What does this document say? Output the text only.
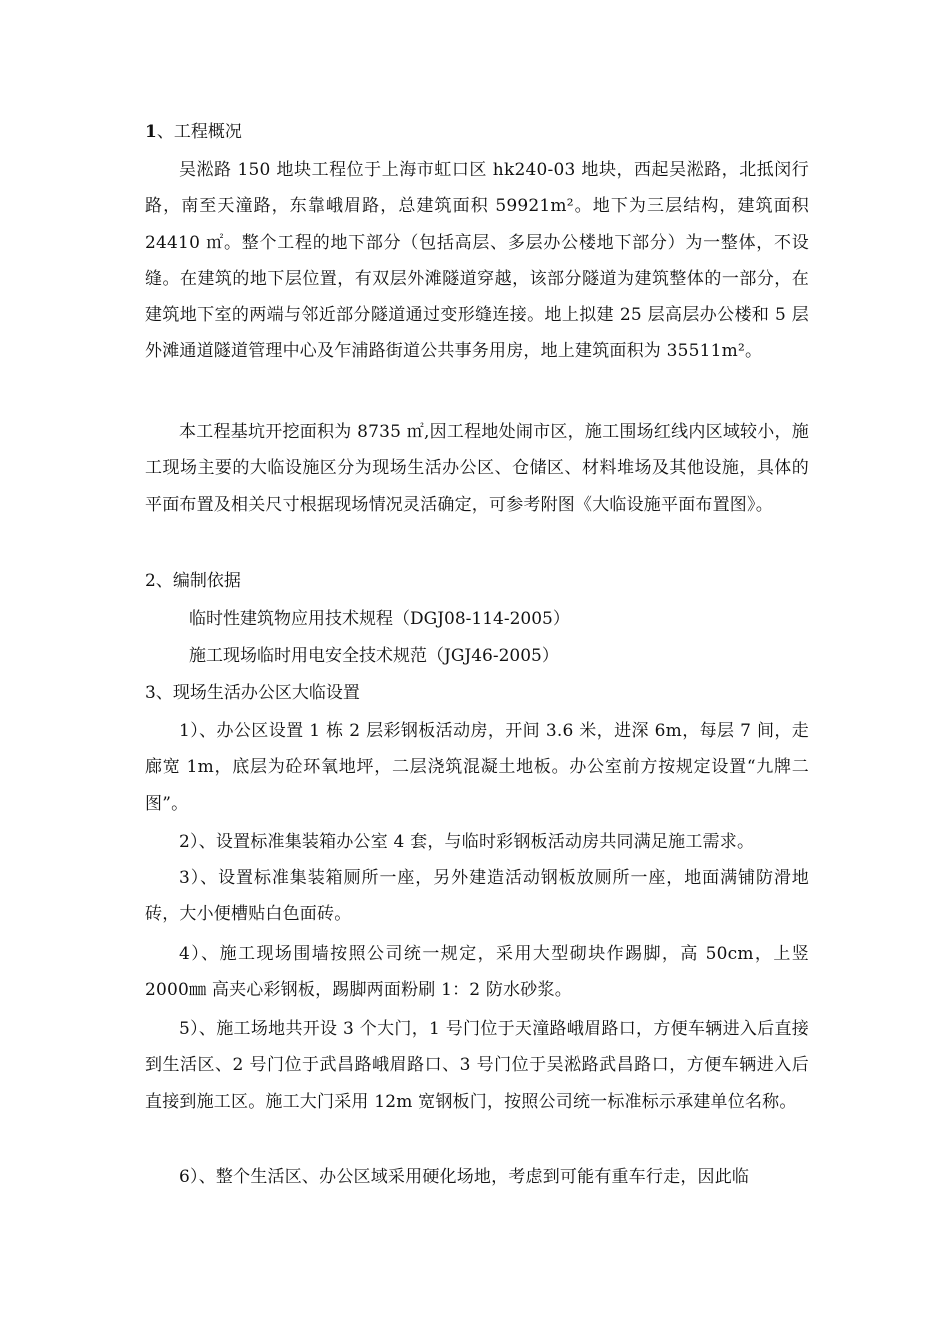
1、工程概况
吴淞路 150 地块工程位于上海市虹口区 hk240-03 地块，西起吴淞路，北抵闵行路，南至天潼路，东靠峨眉路，总建筑面积 59921m²。地下为三层结构，建筑面积 24410 ㎡。整个工程的地下部分（包括高层、多层办公楼地下部分）为一整体，不设缝。在建筑的地下层位置，有双层外滩隧道穿越，该部分隧道为建筑整体的一部分，在建筑地下室的两端与邻近部分隧道通过变形缝连接。地上拟建 25 层高层办公楼和 5 层外滩通道隧道管理中心及乍浦路街道公共事务用房，地上建筑面积为 35511m²。
本工程基坑开挖面积为 8735 ㎡,因工程地处闹市区，施工围场红线内区域较小，施工现场主要的大临设施区分为现场生活办公区、仓储区、材料堆场及其他设施，具体的平面布置及相关尺寸根据现场情况灵活确定，可参考附图《大临设施平面布置图》。
2、编制依据
临时性建筑物应用技术规程（DGJ08-114-2005）
施工现场临时用电安全技术规范（JGJ46-2005）
3、现场生活办公区大临设置
1）、办公区设置 1 栋 2 层彩钢板活动房，开间 3.6 米，进深 6m，每层 7 间，走廊宽 1m，底层为砼环氧地坪，二层浇筑混凝土地板。办公室前方按规定设置“九牌二图”。
2）、设置标准集装箱办公室 4 套，与临时彩钢板活动房共同满足施工需求。
3）、设置标准集装箱厕所一座，另外建造活动钢板放厕所一座，地面满铺防滑地砖，大小便槽贴白色面砖。
4）、施工现场围墙按照公司统一规定，采用大型砌块作踢脚，高 50cm，上竖 2000㎜ 高夹心彩钢板，踢脚两面粉刷 1：2 防水砂浆。
5）、施工场地共开设 3 个大门，1 号门位于天潼路峨眉路口，方便车辆进入后直接到生活区、2 号门位于武昌路峨眉路口、3 号门位于吴淞路武昌路口，方便车辆进入后直接到施工区。施工大门采用 12m 宽钢板门，按照公司统一标准标示承建单位名称。
6）、整个生活区、办公区域采用硬化场地，考虑到可能有重车行走，因此临
